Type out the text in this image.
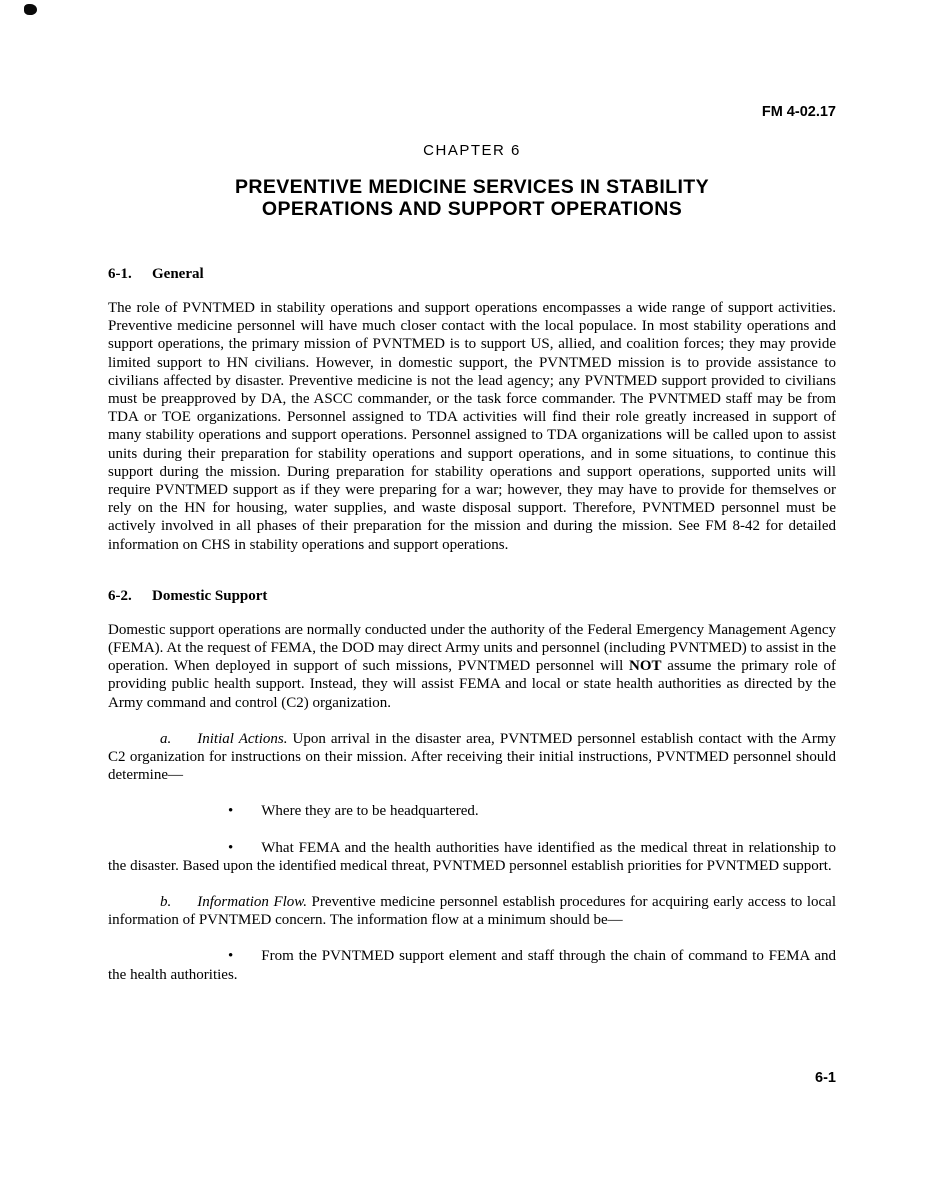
FM 4-02.17
CHAPTER 6
PREVENTIVE MEDICINE SERVICES IN STABILITY
OPERATIONS AND SUPPORT OPERATIONS
6-1. General

The role of PVNTMED in stability operations and support operations encompasses a wide range of support activities. Preventive medicine personnel will have much closer contact with the local populace. In most stability operations and support operations, the primary mission of PVNTMED is to support US, allied, and coalition forces; they may provide limited support to HN civilians. However, in domestic support, the PVNTMED mission is to provide assistance to civilians affected by disaster. Preventive medicine is not the lead agency; any PVNTMED support provided to civilians must be preapproved by DA, the ASCC commander, or the task force commander. The PVNTMED staff may be from TDA or TOE organizations. Personnel assigned to TDA activities will find their role greatly increased in support of many stability operations and support operations. Personnel assigned to TDA organizations will be called upon to assist units during their preparation for stability operations and support operations, and in some situations, to continue this support during the mission. During preparation for stability operations and support operations, supported units will require PVNTMED support as if they were preparing for a war; however, they may have to provide for themselves or rely on the HN for housing, water supplies, and waste disposal support. Therefore, PVNTMED personnel must be actively involved in all phases of their preparation for the mission and during the mission. See FM 8-42 for detailed information on CHS in stability operations and support operations.

6-2. Domestic Support

Domestic support operations are normally conducted under the authority of the Federal Emergency Management Agency (FEMA). At the request of FEMA, the DOD may direct Army units and personnel (including PVNTMED) to assist in the operation. When deployed in support of such missions, PVNTMED personnel will NOT assume the primary role of providing public health support. Instead, they will assist FEMA and local or state health authorities as directed by the Army command and control (C2) organization.

a. Initial Actions. Upon arrival in the disaster area, PVNTMED personnel establish contact with the Army C2 organization for instructions on their mission. After receiving their initial instructions, PVNTMED personnel should determine—

• Where they are to be headquartered.

• What FEMA and the health authorities have identified as the medical threat in relationship to the disaster. Based upon the identified medical threat, PVNTMED personnel establish priorities for PVNTMED support.

b. Information Flow. Preventive medicine personnel establish procedures for acquiring early access to local information of PVNTMED concern. The information flow at a minimum should be—

• From the PVNTMED support element and staff through the chain of command to FEMA and the health authorities.

6-1
